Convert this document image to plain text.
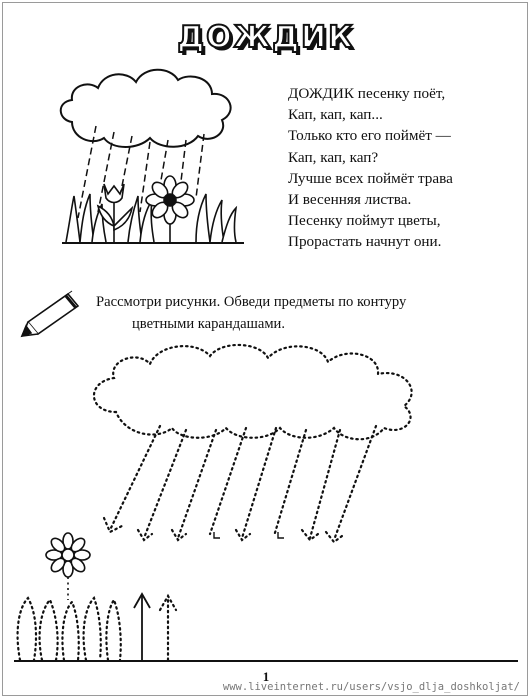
ДОЖДИК
ДОЖДИК песенку поёт,
Кап, кап, кап...
Только кто его поймёт —
Кап, кап, кап?
Лучше всех поймёт трава
И весенняя листва.
Песенку поймут цветы,
Прорастать начнут они.
Рассмотри рисунки. Обведи предметы по контуру
цветными карандашами.
1
www.liveinternet.ru/users/vsjo_dlja_doshkoljat/
